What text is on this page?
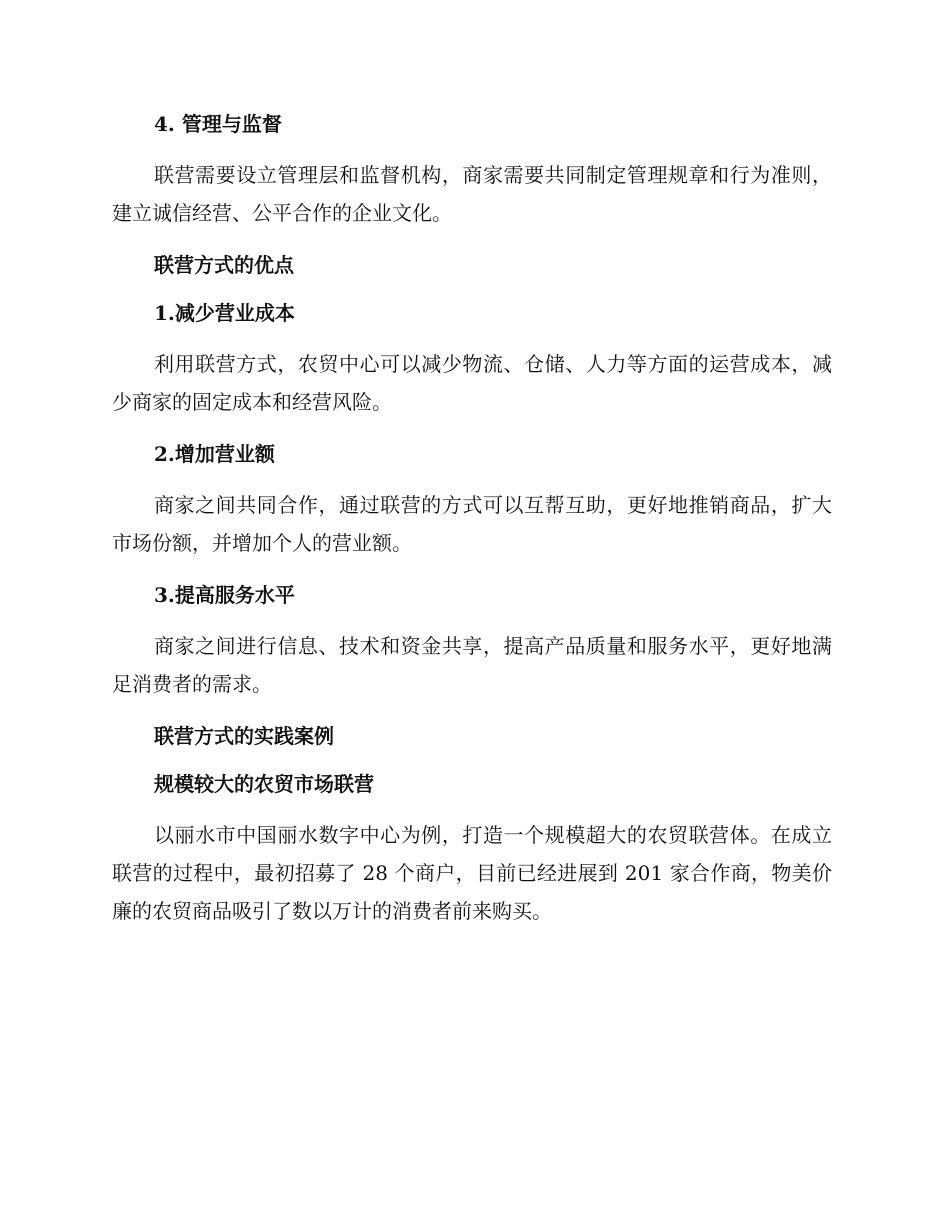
4. 管理与监督

联营需要设立管理层和监督机构，商家需要共同制定管理规章和行为准则，建立诚信经营、公平合作的企业文化。

联营方式的优点

1.减少营业成本

利用联营方式，农贸中心可以减少物流、仓储、人力等方面的运营成本，减少商家的固定成本和经营风险。

2.增加营业额

商家之间共同合作，通过联营的方式可以互帮互助，更好地推销商品，扩大市场份额，并增加个人的营业额。

3.提高服务水平

商家之间进行信息、技术和资金共享，提高产品质量和服务水平，更好地满足消费者的需求。

联营方式的实践案例

规模较大的农贸市场联营

以丽水市中国丽水数字中心为例，打造一个规模超大的农贸联营体。在成立联营的过程中，最初招募了 28 个商户，目前已经进展到 201 家合作商，物美价廉的农贸商品吸引了数以万计的消费者前来购买。
